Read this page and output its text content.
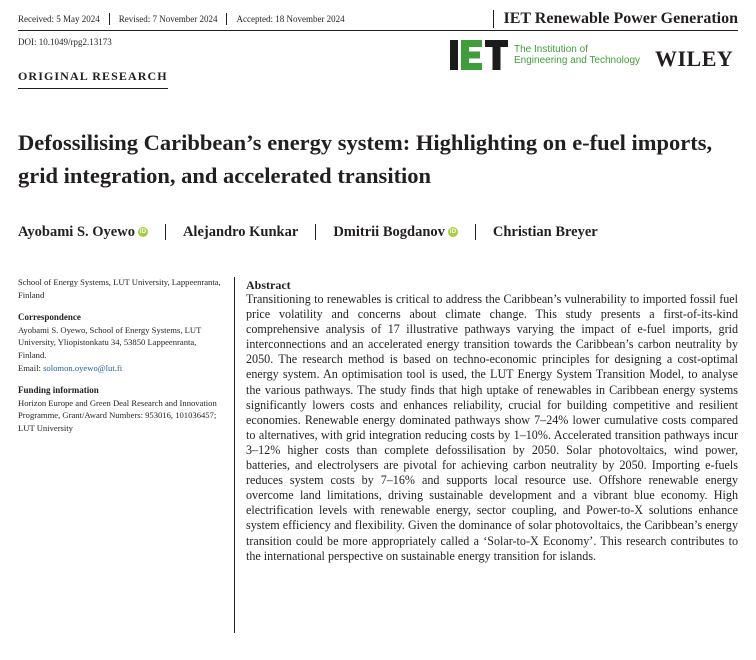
Received: 5 May 2024 Revised: 7 November 2024 Accepted: 18 November 2024	IET Renewable Power Generation
DOI: 10.1049/rpg2.13173
The Institution of
Engineering and Technology WILEY
ORIGINAL RESEARCH
Defossilising Caribbean’s energy system: Highlighting on e-fuel imports, grid integration, and accelerated transition
Ayobami S. Oyewo iD	Alejandro Kunkar Dmitrii Bogdanov iD	Christian Breyer

School of Energy Systems, LUT University, Lappeenranta, Finland

Correspondence

Ayobami S. Oyewo, School of Energy Systems, LUT University, Yliopistonkatu 34, 53850 Lappeenranta, Finland.

Email: solomon.oyewo@lut.fi

Funding information

Horizon Europe and Green Deal Research and Innovation Programme, Grant/Award Numbers: 953016, 101036457; LUT University

Abstract

Transitioning to renewables is critical to address the Caribbean’s vulnerability to imported fossil fuel price volatility and concerns about climate change. This study presents a first-of-its-kind comprehensive analysis of 17 illustrative pathways varying the impact of e-fuel imports, grid interconnections and an accelerated energy transition towards the Caribbean’s carbon neutrality by 2050. The research method is based on techno-economic principles for designing a cost-optimal energy system. An optimisation tool is used, the LUT Energy System Transition Model, to analyse the various pathways. The study finds that high uptake of renewables in Caribbean energy systems significantly lowers costs and enhances reliability, crucial for building competitive and resilient economies. Renewable energy dominated pathways show 7–24% lower cumulative costs compared to alternatives, with grid integration reducing costs by 1–10%. Accelerated transition pathways incur 3–12% higher costs than complete defossilisation by 2050. Solar photovoltaics, wind power, batteries, and electrolysers are pivotal for achieving carbon neutrality by 2050. Importing e-fuels reduces system costs by 7–16% and supports local resource use. Offshore renewable energy overcome land limitations, driving sustainable development and a vibrant blue economy. High electrification levels with renewable energy, sector coupling, and Power-to-X solutions enhance system efficiency and flexibility. Given the dominance of solar photovoltaics, the Caribbean’s energy transition could be more appropriately called a ‘Solar-to-X Economy’. This research contributes to the international perspective on sustainable energy transition for islands.
